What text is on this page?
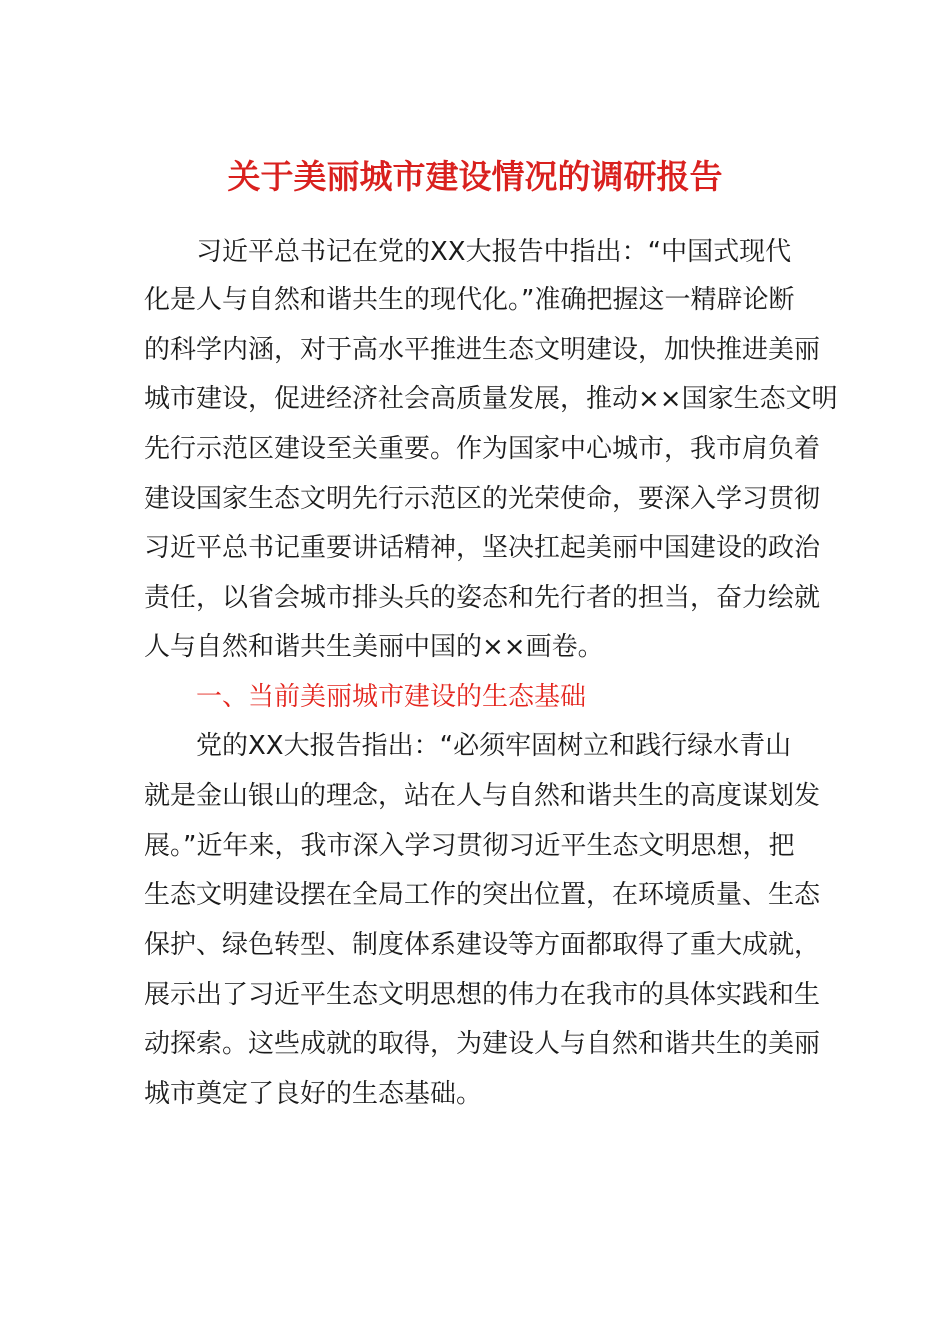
关于美丽城市建设情况的调研报告
习近平总书记在党的XX大报告中指出：“中国式现代
化是人与自然和谐共生的现代化。”准确把握这一精辟论断
的科学内涵，对于高水平推进生态文明建设，加快推进美丽
城市建设，促进经济社会高质量发展，推动××国家生态文明
先行示范区建设至关重要。作为国家中心城市，我市肩负着
建设国家生态文明先行示范区的光荣使命，要深入学习贯彻
习近平总书记重要讲话精神，坚决扛起美丽中国建设的政治
责任，以省会城市排头兵的姿态和先行者的担当，奋力绘就
人与自然和谐共生美丽中国的××画卷。
一、当前美丽城市建设的生态基础
党的XX大报告指出：“必须牢固树立和践行绿水青山
就是金山银山的理念，站在人与自然和谐共生的高度谋划发
展。”近年来，我市深入学习贯彻习近平生态文明思想，把
生态文明建设摆在全局工作的突出位置，在环境质量、生态
保护、绿色转型、制度体系建设等方面都取得了重大成就，
展示出了习近平生态文明思想的伟力在我市的具体实践和生
动探索。这些成就的取得，为建设人与自然和谐共生的美丽
城市奠定了良好的生态基础。
